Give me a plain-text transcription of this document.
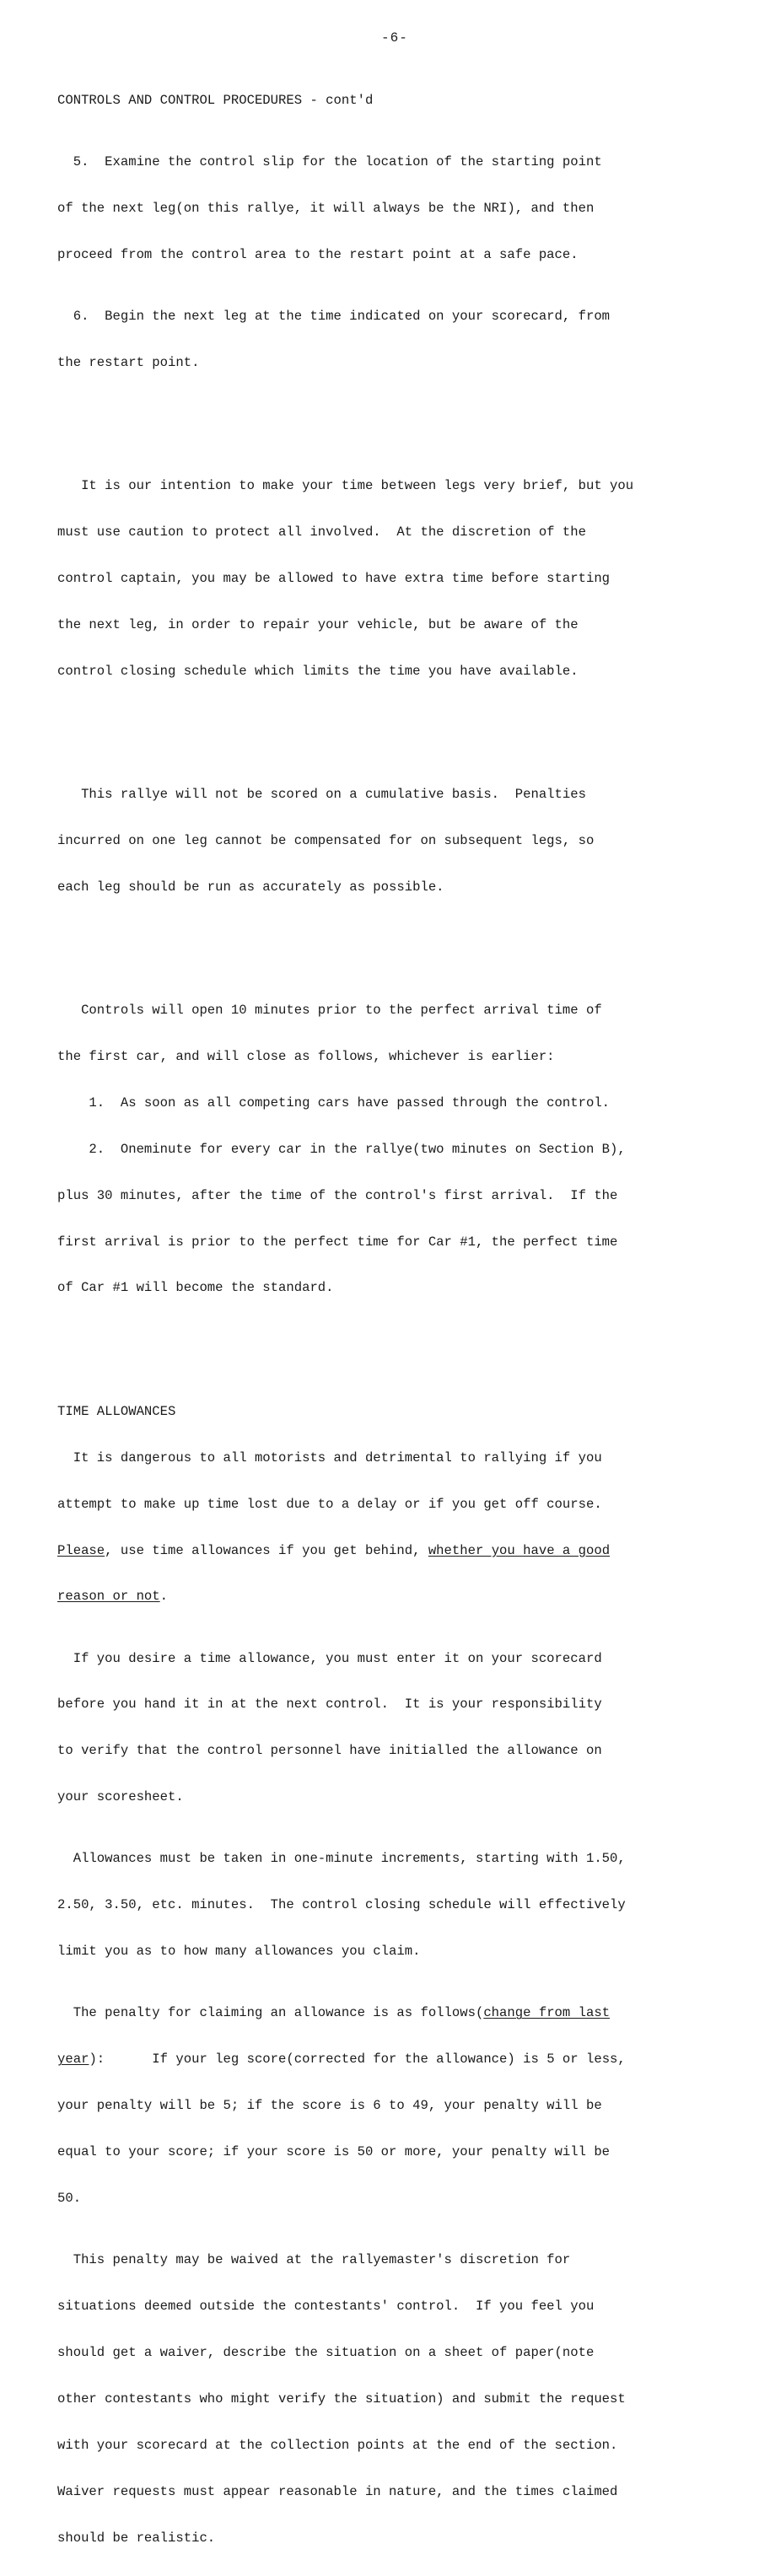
-6-

CONTROLS AND CONTROL PROCEDURES - cont'd

5.  Examine the control slip for the location of the starting point

of the next leg(on this rallye, it will always be the NRI), and then

proceed from the control area to the restart point at a safe pace.

6.  Begin the next leg at the time indicated on your scorecard, from

the restart point.

It is our intention to make your time between legs very brief, but you

must use caution to protect all involved.  At the discretion of the

control captain, you may be allowed to have extra time before starting

the next leg, in order to repair your vehicle, but be aware of the

control closing schedule which limits the time you have available.

This rallye will not be scored on a cumulative basis.  Penalties

incurred on one leg cannot be compensated for on subsequent legs, so

each leg should be run as accurately as possible.

Controls will open 10 minutes prior to the perfect arrival time of

the first car, and will close as follows, whichever is earlier:

1.  As soon as all competing cars have passed through the control.

2.  Oneminute for every car in the rallye(two minutes on Section B),

plus 30 minutes, after the time of the control's first arrival.  If the

first arrival is prior to the perfect time for Car #1, the perfect time

of Car #1 will become the standard.

TIME ALLOWANCES

It is dangerous to all motorists and detrimental to rallying if you

attempt to make up time lost due to a delay or if you get off course.

Please, use time allowances if you get behind, whether you have a good

reason or not.

If you desire a time allowance, you must enter it on your scorecard

before you hand it in at the next control.  It is your responsibility

to verify that the control personnel have initialled the allowance on

your scoresheet.

Allowances must be taken in one-minute increments, starting with 1.50,

2.50, 3.50, etc. minutes.  The control closing schedule will effectively

limit you as to how many allowances you claim.

The penalty for claiming an allowance is as follows(change from last

year):      If your leg score(corrected for the allowance) is 5 or less,

your penalty will be 5; if the score is 6 to 49, your penalty will be

equal to your score; if your score is 50 or more, your penalty will be

50.

This penalty may be waived at the rallyemaster's discretion for

situations deemed outside the contestants' control.  If you feel you

should get a waiver, describe the situation on a sheet of paper(note

other contestants who might verify the situation) and submit the request

with your scorecard at the collection points at the end of the section.

Waiver requests must appear reasonable in nature, and the times claimed

should be realistic.
